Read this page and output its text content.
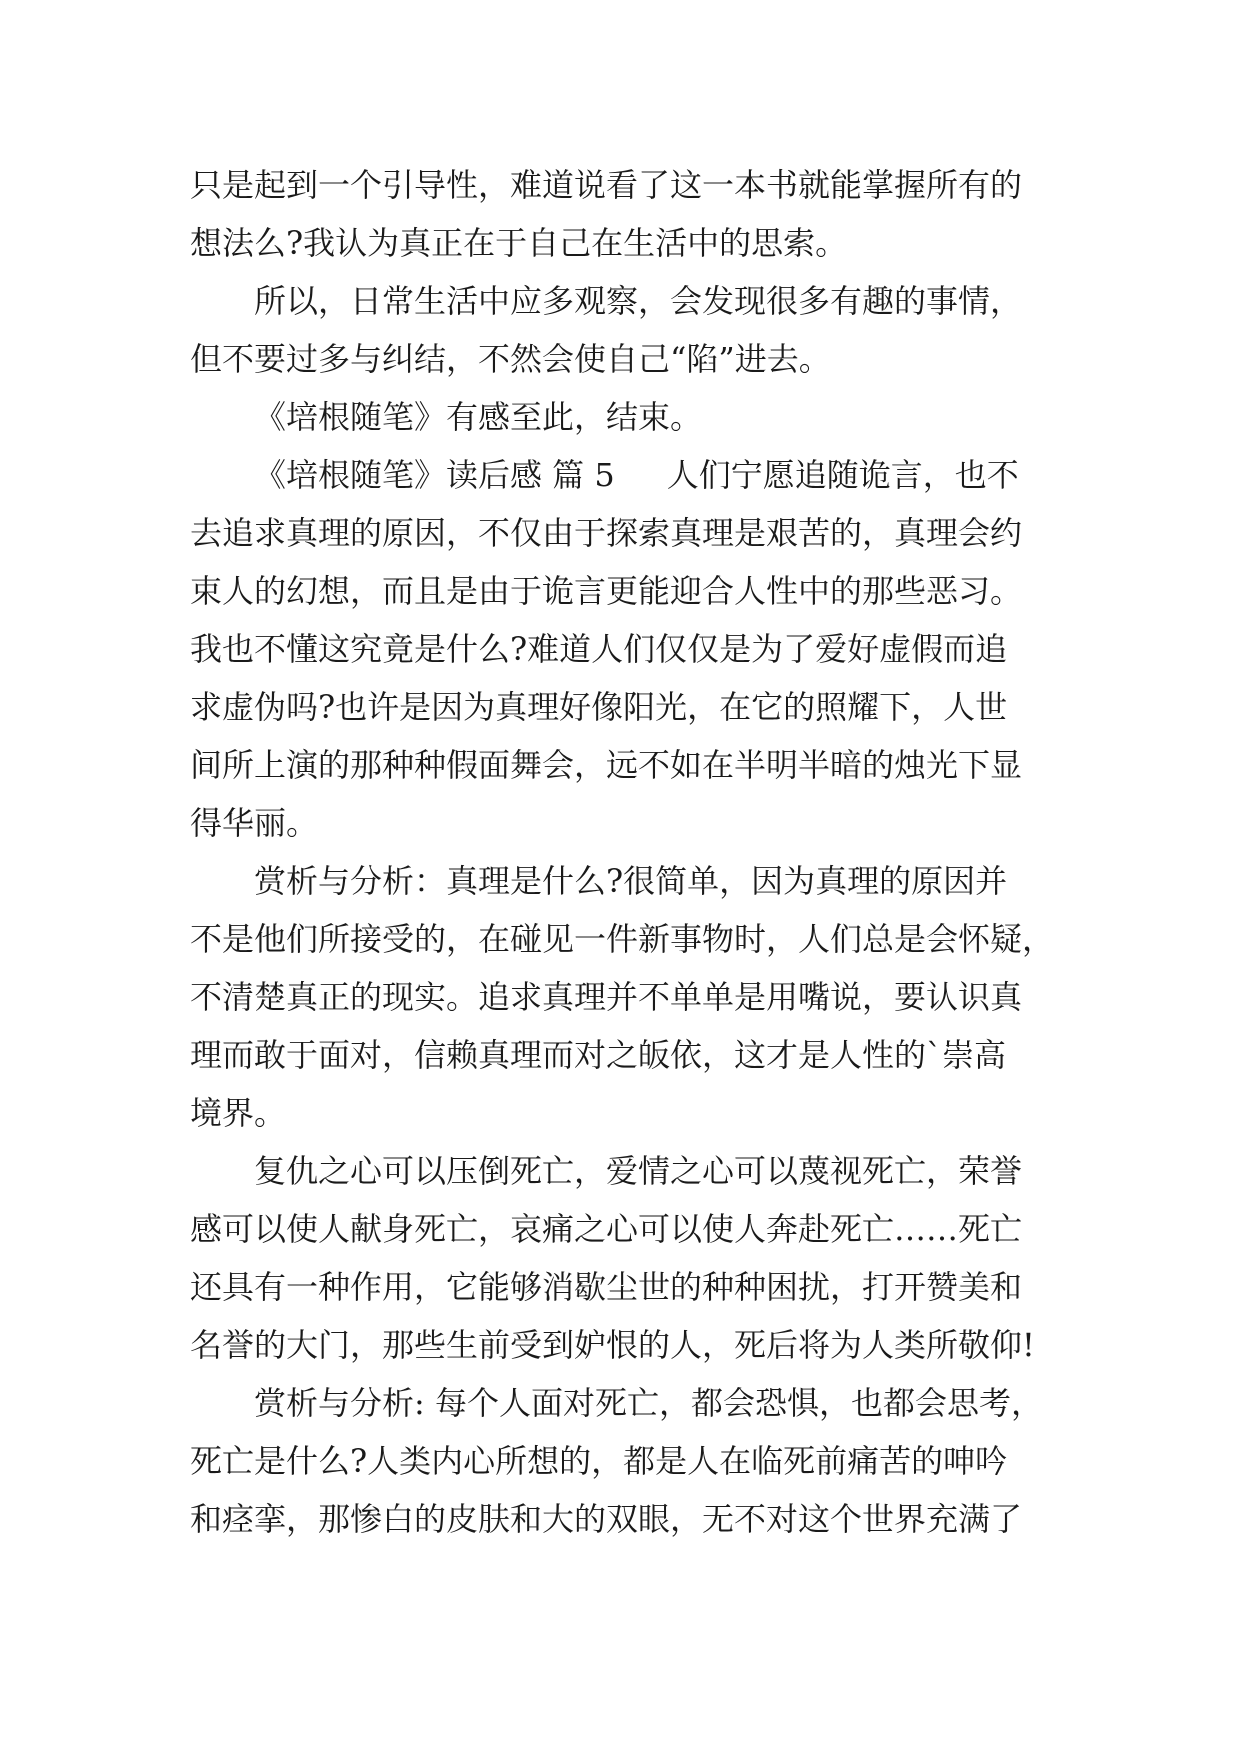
只是起到一个引导性，难道说看了这一本书就能掌握所有的
想法么?我认为真正在于自己在生活中的思索。
所以，日常生活中应多观察，会发现很多有趣的事情，
但不要过多与纠结，不然会使自己“陷”进去。
《培根随笔》有感至此，结束。
《培根随笔》读后感 篇 5 人们宁愿追随诡言，也不
去追求真理的原因，不仅由于探索真理是艰苦的，真理会约
束人的幻想，而且是由于诡言更能迎合人性中的那些恶习。
我也不懂这究竟是什么?难道人们仅仅是为了爱好虚假而追
求虚伪吗?也许是因为真理好像阳光，在它的照耀下，人世
间所上演的那种种假面舞会，远不如在半明半暗的烛光下显
得华丽。
赏析与分析：真理是什么?很简单，因为真理的原因并
不是他们所接受的，在碰见一件新事物时，人们总是会怀疑，
不清楚真正的现实。追求真理并不单单是用嘴说，要认识真
理而敢于面对，信赖真理而对之皈依，这才是人性的`崇高
境界。
复仇之心可以压倒死亡，爱情之心可以蔑视死亡，荣誉
感可以使人献身死亡，哀痛之心可以使人奔赴死亡……死亡
还具有一种作用，它能够消歇尘世的种种困扰，打开赞美和
名誉的大门，那些生前受到妒恨的人，死后将为人类所敬仰!
赏析与分析: 每个人面对死亡，都会恐惧，也都会思考，
死亡是什么?人类内心所想的，都是人在临死前痛苦的呻吟
和痉挛，那惨白的皮肤和大的双眼，无不对这个世界充满了
